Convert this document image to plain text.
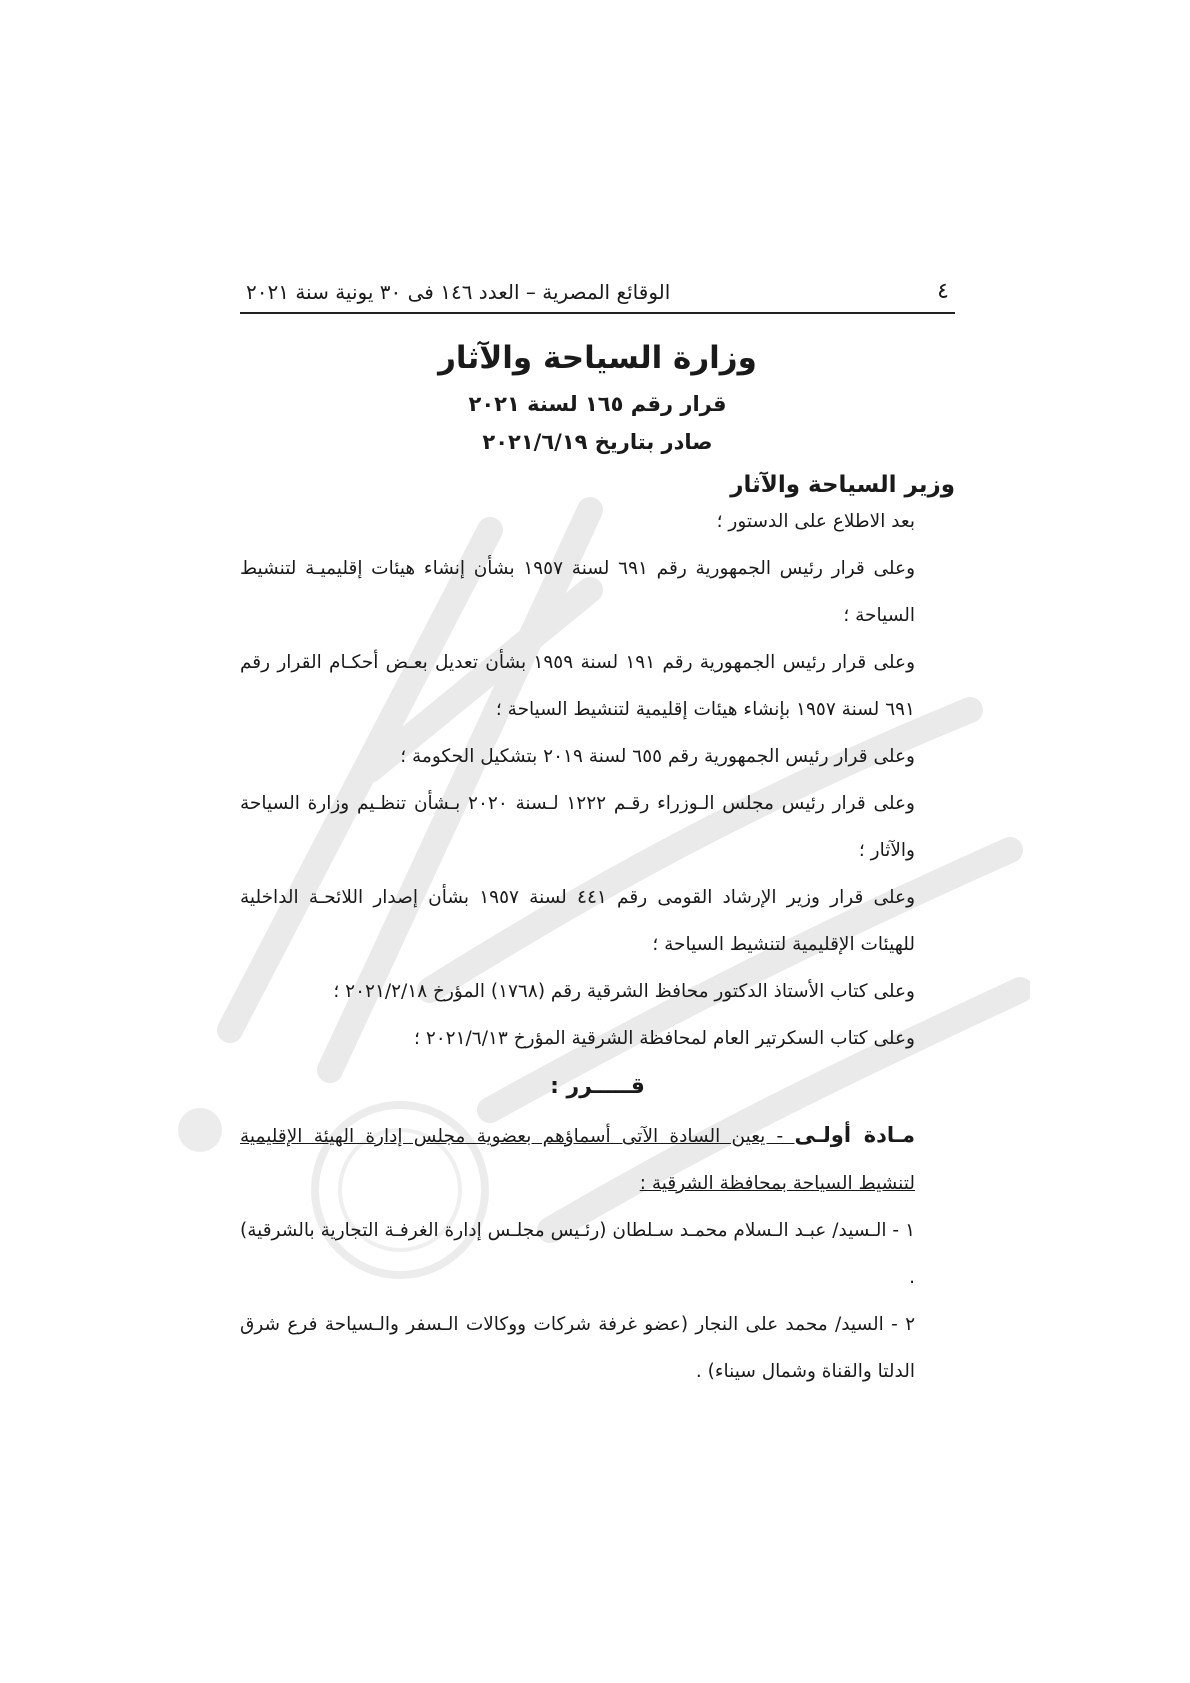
٤
الوقائع المصرية – العدد ١٤٦ فى ٣٠ يونية سنة ٢٠٢١
وزارة السياحة والآثار
قرار رقم ١٦٥ لسنة ٢٠٢١
صادر بتاريخ ٢٠٢١/٦/١٩
وزير السياحة والآثار

بعد الاطلاع على الدستور ؛

وعلى قرار رئيس الجمهورية رقم ٦٩١ لسنة ١٩٥٧ بشأن إنشاء هيئات إقليميـة لتنشيط السياحة ؛

وعلى قرار رئيس الجمهورية رقم ١٩١ لسنة ١٩٥٩ بشأن تعديل بعـض أحكـام القرار رقم ٦٩١ لسنة ١٩٥٧ بإنشاء هيئات إقليمية لتنشيط السياحة ؛

وعلى قرار رئيس الجمهورية رقم ٦٥٥ لسنة ٢٠١٩ بتشكيل الحكومة ؛

وعلى قرار رئيس مجلس الـوزراء رقـم ١٢٢٢ لـسنة ٢٠٢٠ بـشأن تنظـيم وزارة السياحة والآثار ؛

وعلى قرار وزير الإرشاد القومى رقم ٤٤١ لسنة ١٩٥٧ بشأن إصدار اللائحـة الداخلية للهيئات الإقليمية لتنشيط السياحة ؛

وعلى كتاب الأستاذ الدكتور محافظ الشرقية رقم (١٧٦٨) المؤرخ ٢٠٢١/٢/١٨ ؛

وعلى كتاب السكرتير العام لمحافظة الشرقية المؤرخ ٢٠٢١/٦/١٣ ؛

قـــــرر :

مـادة أولـى - يعين السادة الآتى أسماؤهم بعضوية مجلس إدارة الهيئة الإقليمية لتنشيط السياحة بمحافظة الشرقية :

١ - الـسيد/ عبـد الـسلام محمـد سـلطان (رئـيس مجلـس إدارة الغرفـة التجارية بالشرقية) .

٢ - السيد/ محمد على النجار (عضو غرفة شركات ووكالات الـسفر والـسياحة فرع شرق الدلتا والقناة وشمال سيناء) .
